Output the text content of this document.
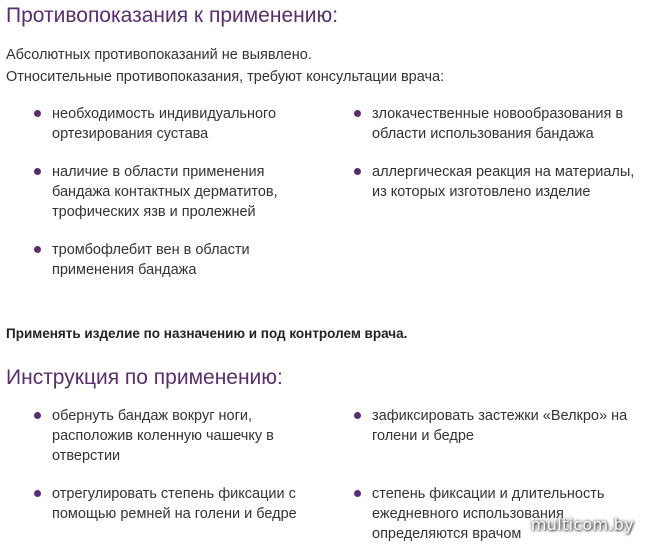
Противопоказания к применению:

Абсолютных противопоказаний не выявлено.

Относительные противопоказания, требуют консультации врача:

необходимость индивидуального ортезирования сустава
злокачественные новообразования в области использования бандажа
наличие в области применения бандажа контактных дерматитов, трофических язв и пролежней
аллергическая реакция на материалы, из которых изготовлено изделие
тромбофлебит вен в области применения бандажа

Применять изделие по назначению и под контролем врача.

Инструкция по применению:
обернуть бандаж вокруг ноги, расположив коленную чашечку в отверстии
зафиксировать застежки «Велкро» на голени и бедре
отрегулировать степень фиксации с помощью ремней на голени и бедре
степень фиксации и длительность ежедневного использования определяются врачом multicom.by
